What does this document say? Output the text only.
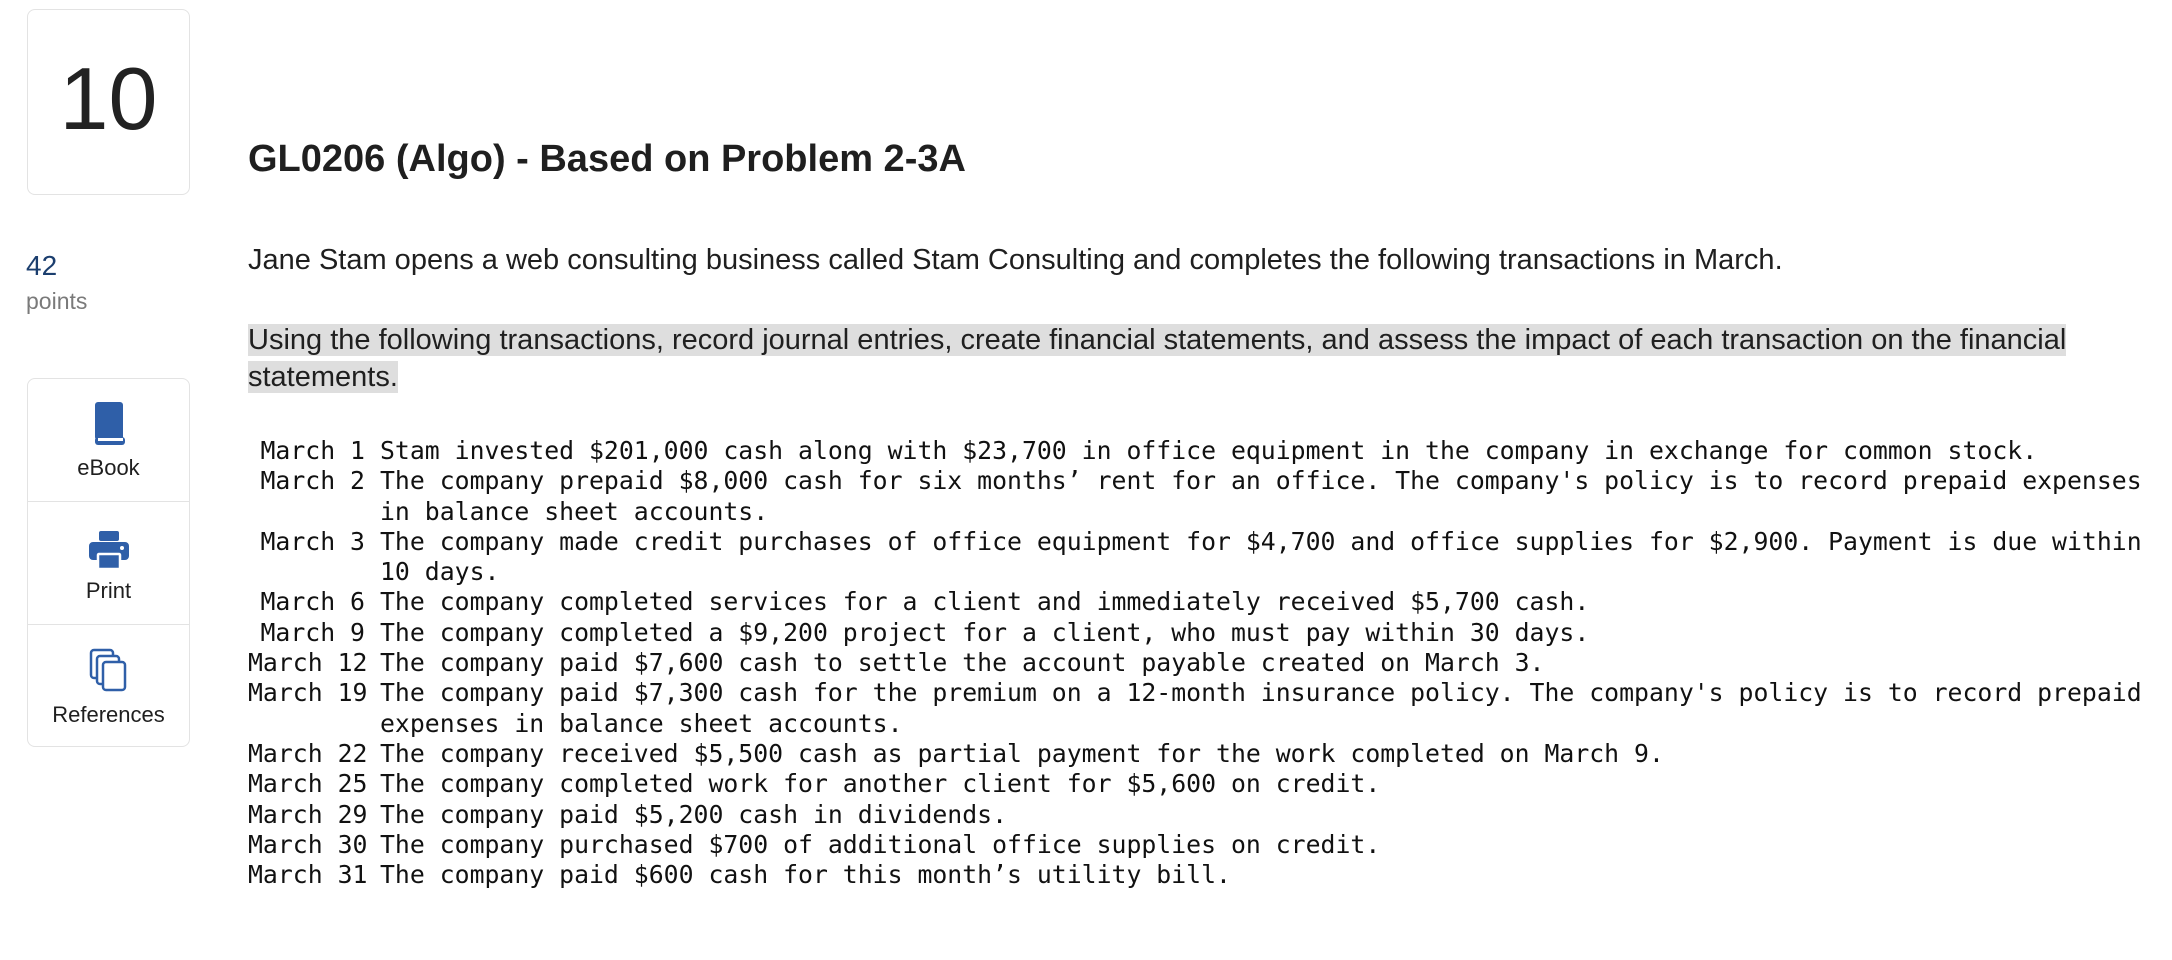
10
GL0206 (Algo) - Based on Problem 2-3A
42
points
eBook
Print
References

Jane Stam opens a web consulting business called Stam Consulting and completes the following transactions in March.

Using the following transactions, record journal entries, create financial statements, and assess the impact of each transaction on the financial statements.

March 1 Stam invested $201,000 cash along with $23,700 in office equipment in the company in exchange for common stock.
March 2 The company prepaid $8,000 cash for six months’ rent for an office. The company's policy is to record prepaid expenses in balance sheet accounts.
March 3 The company made credit purchases of office equipment for $4,700 and office supplies for $2,900. Payment is due within 10 days.
March 6 The company completed services for a client and immediately received $5,700 cash.
March 9 The company completed a $9,200 project for a client, who must pay within 30 days.
March 12 The company paid $7,600 cash to settle the account payable created on March 3.
March 19 The company paid $7,300 cash for the premium on a 12-month insurance policy. The company's policy is to record prepaid expenses in balance sheet accounts.
March 22 The company received $5,500 cash as partial payment for the work completed on March 9.
March 25 The company completed work for another client for $5,600 on credit.
March 29 The company paid $5,200 cash in dividends.
March 30 The company purchased $700 of additional office supplies on credit.
March 31 The company paid $600 cash for this month’s utility bill.
